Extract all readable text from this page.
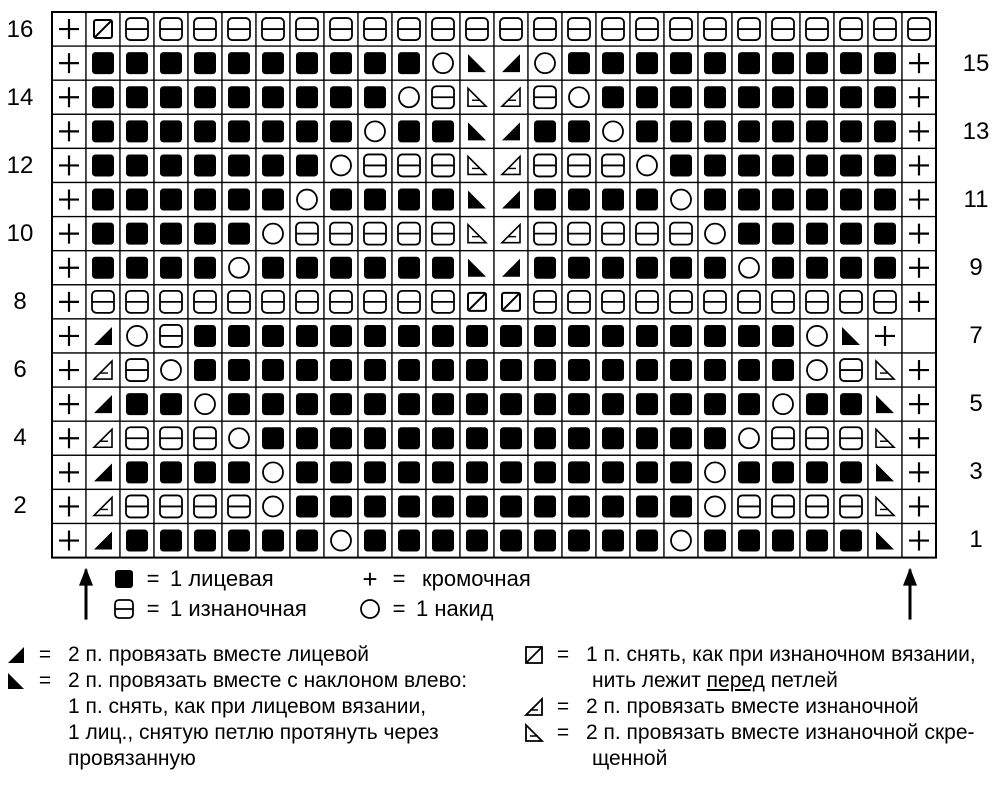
16
14
12
10
8
6
4
2
15
13
11
9
7
5
3
1
= 1 лицевая
= 1 изнаночная
+ = кромочная
= 1 накид
= 2 п. провязать вместе лицевой
= 2 п. провязать вместе с наклоном влево:
1 п. снять, как при лицевом вязании,
1 лиц., снятую петлю протянуть через
провязанную
= 1 п. снять, как при изнаночном вязании,
нить лежит перед петлей
= 2 п. провязать вместе изнаночной
= 2 п. провязать вместе изнаночной скре-
щенной
